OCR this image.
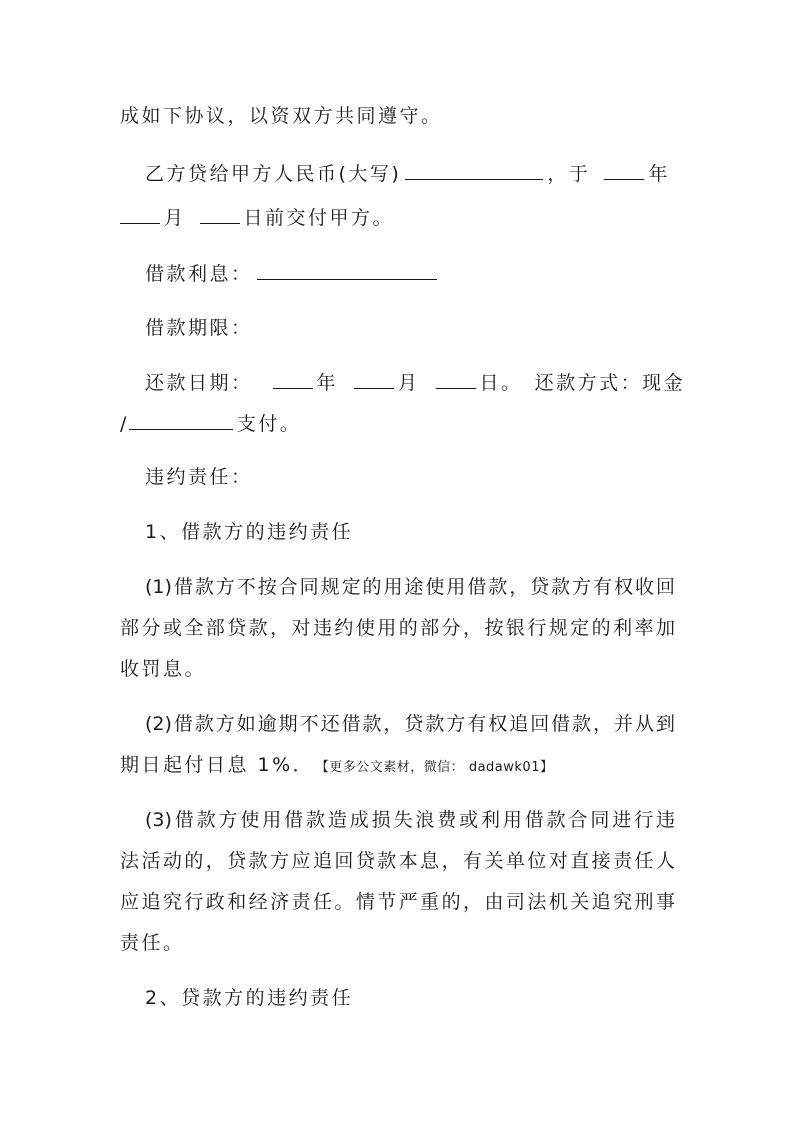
成如下协议，以资双方共同遵守。
乙方贷给甲方人民币(大写)	，于	年
月	日前交付甲方。
借款利息：
借款期限：
还款日期：	年	月	日。 还款方式：现金
/	支付。
违约责任：
1、借款方的违约责任
(1)借款方不按合同规定的用途使用借款，贷款方有权收回
部分或全部贷款，对违约使用的部分，按银行规定的利率加
收罚息。
(2)借款方如逾期不还借款，贷款方有权追回借款，并从到
期日起付日息 1%． 【更多公文素材，微信： dadawk01】
(3)借款方使用借款造成损失浪费或利用借款合同进行违
法活动的，贷款方应追回贷款本息，有关单位对直接责任人
应追究行政和经济责任。情节严重的，由司法机关追究刑事
责任。
2、贷款方的违约责任
